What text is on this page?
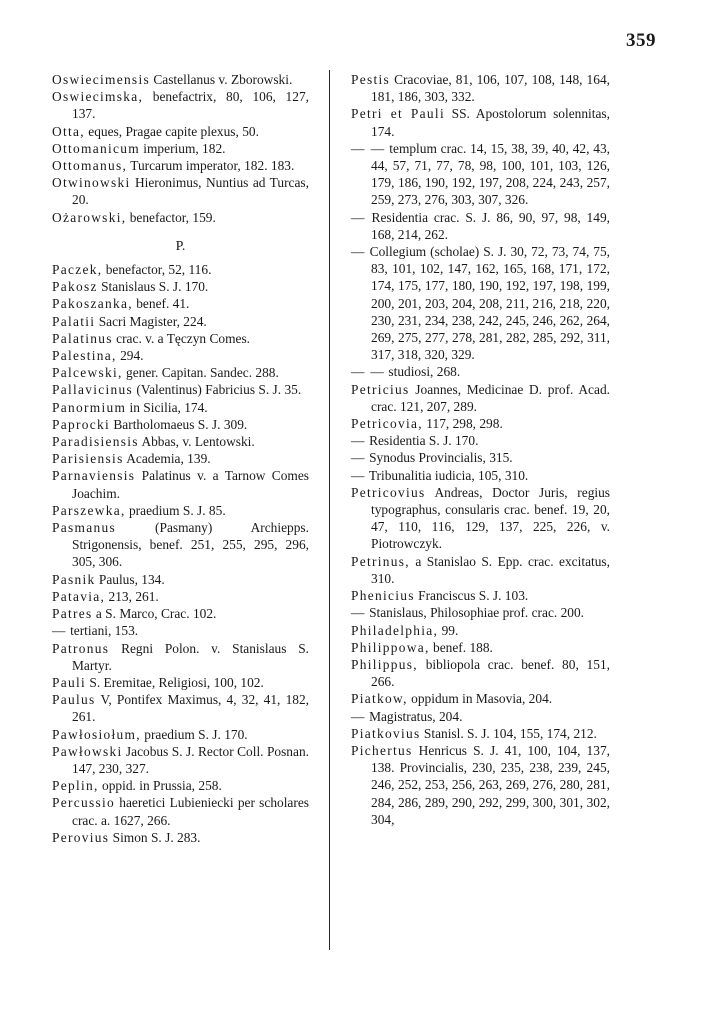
359

Oswiecimensis Castellanus v. Zborowski.

Oswiecimska, benefactrix, 80, 106, 127, 137.

Otta, eques, Pragae capite plexus, 50.

Ottomanicum imperium, 182.

Ottomanus, Turcarum imperator, 182. 183.

Otwinowski Hieronimus, Nuntius ad Turcas, 20.

Ożarowski, benefactor, 159.

P.

Paczek, benefactor, 52, 116.

Pakosz Stanislaus S. J. 170.

Pakoszanka, benef. 41.

Palatii Sacri Magister, 224.

Palatinus crac. v. a Tęczyn Comes.

Palestina, 294.

Palcewski, gener. Capitan. Sandec. 288.

Pallavicinus (Valentinus) Fabricius S. J. 35.

Panormium in Sicilia, 174.

Paprocki Bartholomaeus S. J. 309.

Paradisiensis Abbas, v. Lentowski.

Parisiensis Academia, 139.

Parnaviensis Palatinus v. a Tarnow Comes Joachim.

Parszewka, praedium S. J. 85.

Pasmanus	(Pasmany) Archiepps. Strigonensis, benef. 251, 255, 295, 296, 305, 306.

Pasnik Paulus, 134.

Patavia, 213, 261.

Patres a S. Marco, Crac. 102.

— tertiani, 153.

Patronus Regni Polon. v. Stanislaus S. Martyr.

Pauli S. Eremitae, Religiosi, 100, 102.

Paulus V, Pontifex Maximus, 4, 32, 41, 182, 261.

Pawłosiołum, praedium S. J. 170.

Pawłowski Jacobus S. J. Rector Coll. Posnan. 147, 230, 327.

Peplin, oppid. in Prussia, 258.

Percussio haeretici Lubieniecki per scholares crac. a. 1627, 266.

Perovius Simon S. J. 283.

Pestis Cracoviae, 81, 106, 107, 108, 148, 164, 181, 186, 303, 332.

Petri et Pauli SS. Apostolorum solennitas, 174.

— — templum crac. 14, 15, 38, 39, 40, 42, 43, 44, 57, 71, 77, 78, 98, 100, 101, 103, 126, 179, 186, 190, 192, 197, 208, 224, 243, 257, 259, 273, 276, 303, 307, 326.

— Residentia crac. S. J. 86, 90, 97, 98, 149, 168, 214, 262.

— Collegium (scholae) S. J. 30, 72, 73, 74, 75, 83, 101, 102, 147, 162, 165, 168, 171, 172, 174, 175, 177, 180, 190, 192, 197, 198, 199, 200, 201, 203, 204, 208, 211, 216, 218, 220, 230, 231, 234, 238, 242, 245, 246, 262, 264, 269, 275, 277, 278, 281, 282, 285, 292, 311, 317, 318, 320, 329.

— — studiosi, 268.

Petricius Joannes, Medicinae D. prof. Acad. crac. 121, 207, 289.

Petricovia, 117, 298, 298.

— Residentia S. J. 170.

— Synodus Provincialis, 315.

— Tribunalitia iudicia, 105, 310.

Petricovius Andreas, Doctor Juris, regius typographus, consularis crac. benef. 19, 20, 47, 110, 116, 129, 137, 225, 226, v. Piotrowczyk.

Petrinus, a Stanislao S. Epp. crac. excitatus, 310.

Phenicius Franciscus S. J. 103.

— Stanislaus, Philosophiae prof. crac. 200.

Philadelphia, 99.

Philippowa, benef. 188.

Philippus, bibliopola crac. benef. 80, 151, 266.

Piatkow, oppidum in Masovia, 204.

— Magistratus, 204.

Piatkovius Stanisl. S. J. 104, 155, 174, 212.

Pichertus Henricus S. J. 41, 100, 104, 137, 138. Provincialis, 230, 235, 238, 239, 245, 246, 252, 253, 256, 263, 269, 276, 280, 281, 284, 286, 289, 290, 292, 299, 300, 301, 302, 304,
